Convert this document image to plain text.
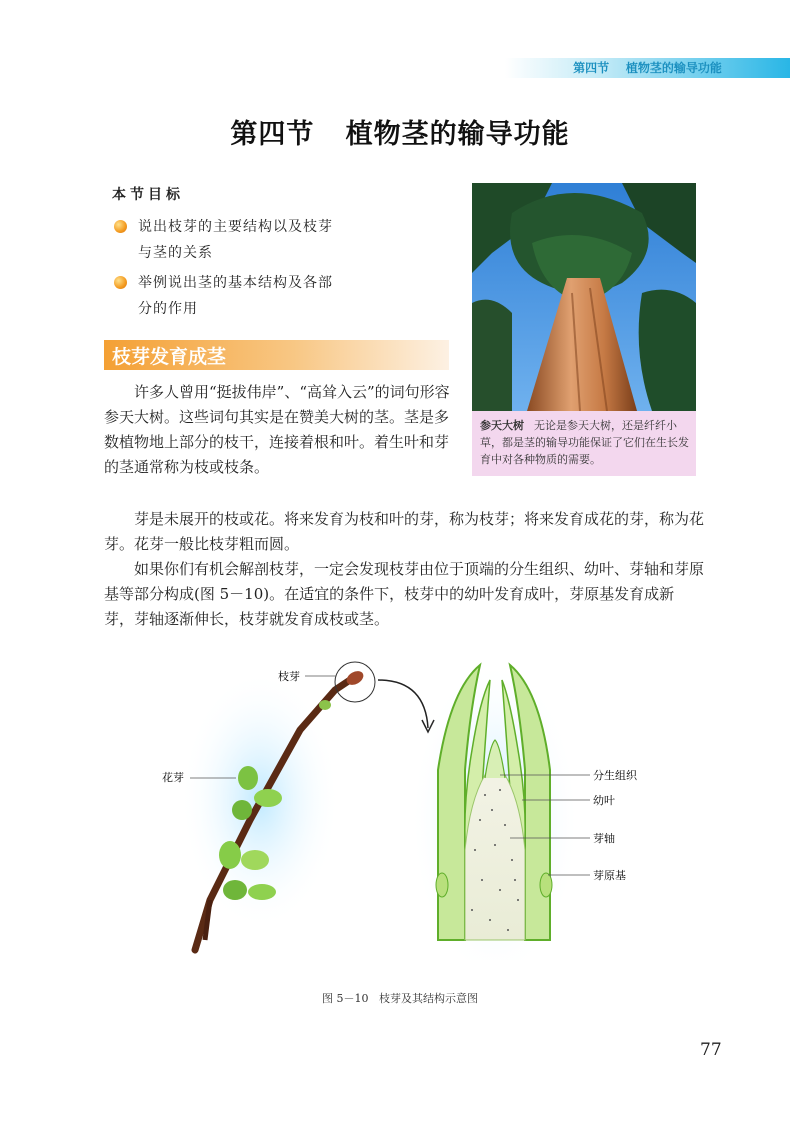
第四节    植物茎的输导功能
第四节   植物茎的输导功能
本节目标
说出枝芽的主要结构以及枝芽
与茎的关系
举例说出茎的基本结构及各部
分的作用
枝芽发育成茎

许多人曾用“挺拔伟岸”、“高耸入云”的词句形容参天大树。这些词句其实是在赞美大树的茎。茎是多数植物地上部分的枝干，连接着根和叶。着生叶和芽的茎通常称为枝或枝条。

芽是未展开的枝或花。将来发育为枝和叶的芽，称为枝芽；将来发育成花的芽，称为花芽。花芽一般比枝芽粗而圆。

如果你们有机会解剖枝芽，一定会发现枝芽由位于顶端的分生组织、幼叶、芽轴和芽原基等部分构成(图 5－10)。在适宜的条件下，枝芽中的幼叶发育成叶，芽原基发育成新芽，芽轴逐渐伸长，枝芽就发育成枝或茎。

参天大树 无论是参天大树，还是纤纤小草，都是茎的输导功能保证了它们在生长发育中对各种物质的需要。
枝芽
花芽	分生组织
幼叶
芽轴
芽原基
图 5－10   枝芽及其结构示意图
77
